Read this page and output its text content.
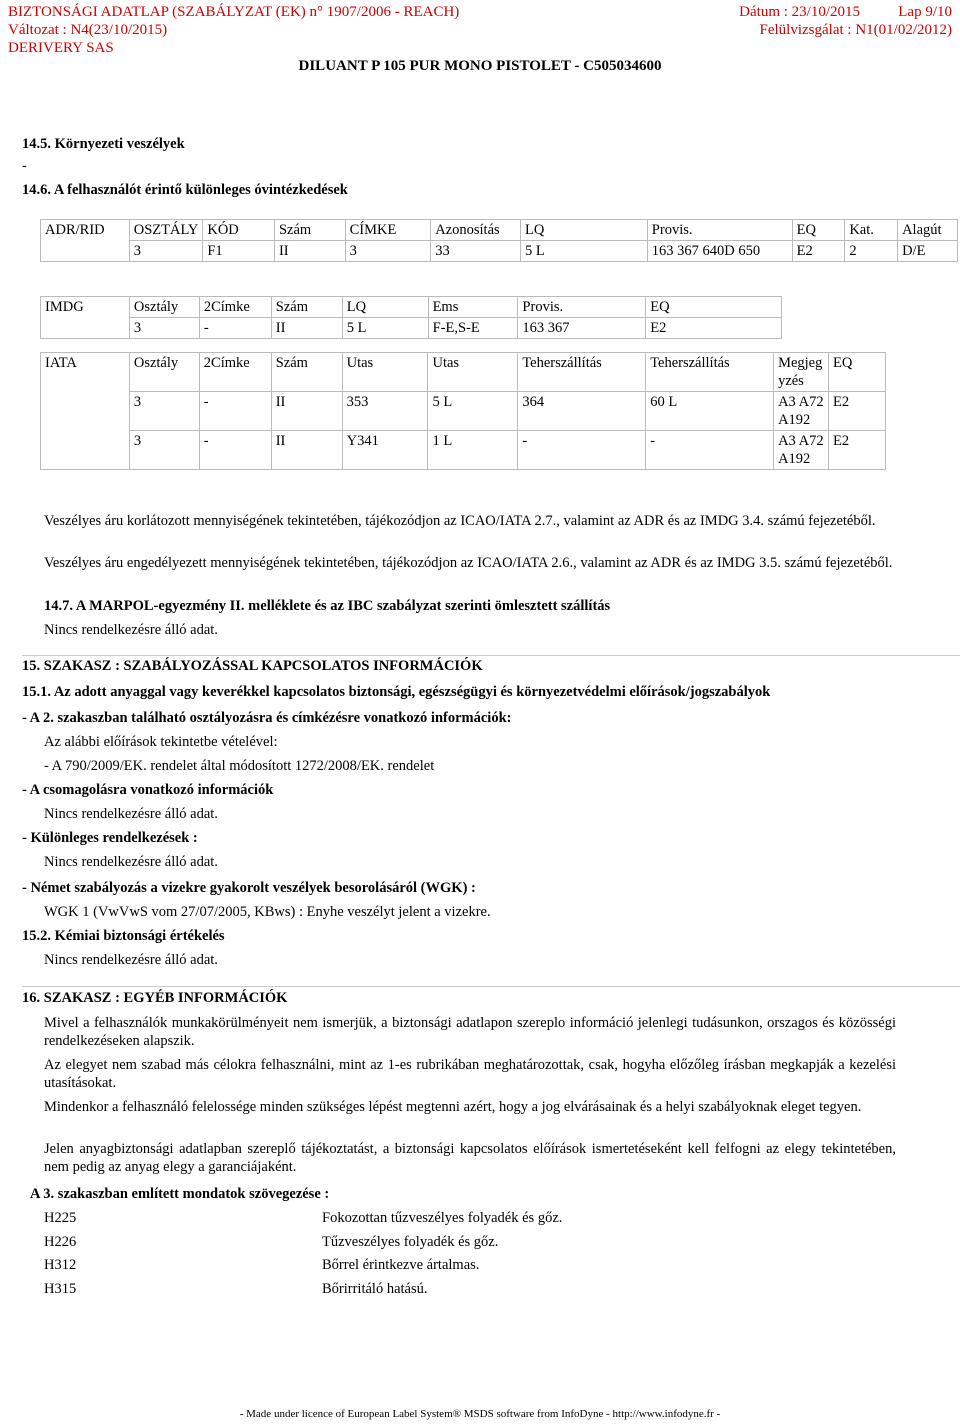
BIZTONSÁGI ADATLAP (SZABÁLYZAT (EK) n° 1907/2006 - REACH)	Dátum : 23/10/2015	Lap 9/10
Változat : N4(23/10/2015)	Felülvizsgálat : N1(01/02/2012)
DERIVERY SAS
DILUANT P 105 PUR MONO PISTOLET - C505034600
14.5. Környezeti veszélyek
-
14.6. A felhasználót érintő különleges óvintézkedések
ADR/RID	OSZTÁLY	KÓD	Szám	CÍMKE	Azonosítás	LQ	Provis.	EQ	Kat.	Alagút
	3	F1	II	3	33	5 L	163 367 640D 650	E2	2	D/E
IMDG	Osztály	2Címke	Szám	LQ	Ems	Provis.	EQ
	3	-	II	5 L	F-E,S-E	163 367	E2
IATA	Osztály	2Címke	Szám	Utas	Utas	Teherszállítás	Teherszállítás	Megjegyzés	EQ
	3	-	II	353	5 L	364	60 L	A3 A72 A192	E2
	3	-	II	Y341	1 L	-	-	A3 A72 A192	E2
Veszélyes áru korlátozott mennyiségének tekintetében, tájékozódjon az ICAO/IATA 2.7., valamint az ADR és az IMDG 3.4. számú fejezetéből.
Veszélyes áru engedélyezett mennyiségének tekintetében, tájékozódjon az ICAO/IATA 2.6., valamint az ADR és az IMDG 3.5. számú fejezetéből.
14.7. A MARPOL-egyezmény II. melléklete és az IBC szabályzat szerinti ömlesztett szállítás
Nincs rendelkezésre álló adat.
15. SZAKASZ : SZABÁLYOZÁSSAL KAPCSOLATOS INFORMÁCIÓK
15.1. Az adott anyaggal vagy keverékkel kapcsolatos biztonsági, egészségügyi és környezetvédelmi előírások/jogszabályok
- A 2. szakaszban található osztályozásra és címkézésre vonatkozó információk:
Az alábbi előírások tekintetbe vételével:
- A 790/2009/EK. rendelet által módosított 1272/2008/EK. rendelet
- A csomagolásra vonatkozó információk
Nincs rendelkezésre álló adat.
- Különleges rendelkezések :
Nincs rendelkezésre álló adat.
- Német szabályozás a vizekre gyakorolt veszélyek besorolásáról (WGK) :
WGK 1 (VwVwS vom 27/07/2005, KBws) : Enyhe veszélyt jelent a vizekre.
15.2. Kémiai biztonsági értékelés
Nincs rendelkezésre álló adat.
16. SZAKASZ : EGYÉB INFORMÁCIÓK
Mivel a felhasználók munkakörülményeit nem ismerjük, a biztonsági adatlapon szereplo információ jelenlegi tudásunkon, orszagos és közösségi rendelkezéseken alapszik.
Az elegyet nem szabad más célokra felhasználni, mint az 1-es rubrikában meghatározottak, csak, hogyha előzőleg írásban megkapják a kezelési utasításokat.
Mindenkor a felhasználó felelossége minden szükséges lépést megtenni azért, hogy a jog elvárásainak és a helyi szabályoknak eleget tegyen.
Jelen anyagbiztonsági adatlapban szereplő tájékoztatást, a biztonsági kapcsolatos előírások ismertetéseként kell felfogni az elegy tekintetében, nem pedig az anyag elegy a garanciájaként.
A 3. szakaszban említett mondatok szövegezése :
H225	Fokozottan tűzveszélyes folyadék és gőz.
H226	Tűzveszélyes folyadék és gőz.
H312	Bőrrel érintkezve ártalmas.
H315	Bőrirritáló hatású.
- Made under licence of European Label System® MSDS software from InfoDyne - http://www.infodyne.fr -
